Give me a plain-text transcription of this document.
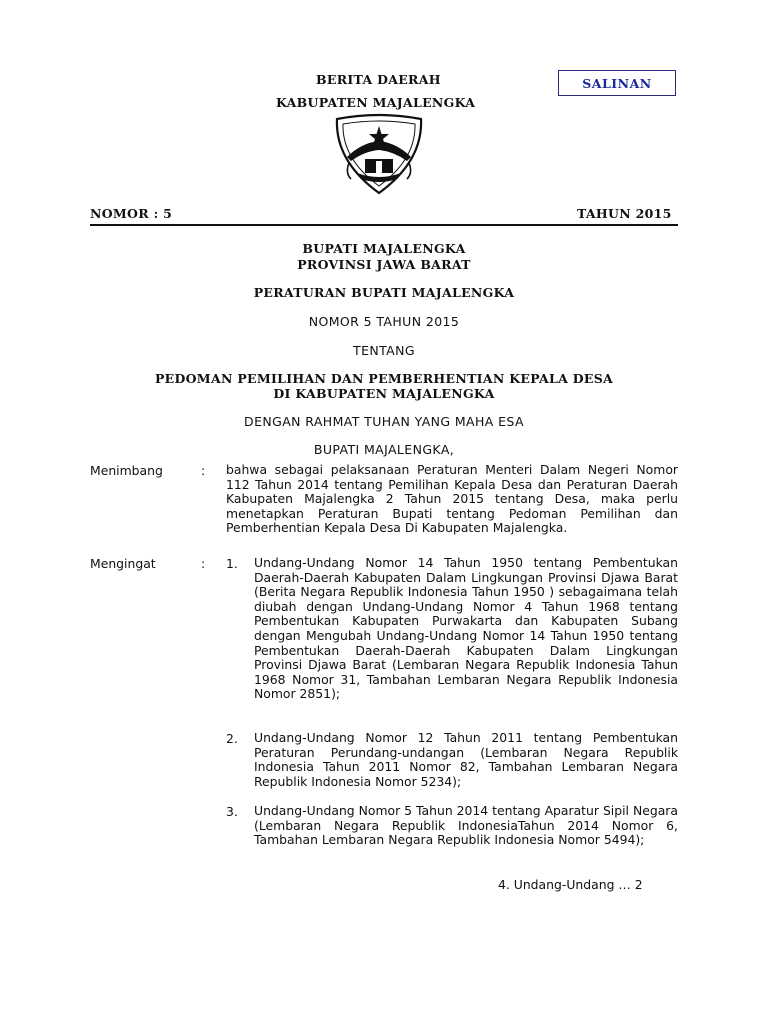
BERITA DAERAH
KABUPATEN MAJALENGKA
SALINAN
NOMOR : 5	TAHUN 2015
BUPATI MAJALENGKA
PROVINSI JAWA BARAT
PERATURAN BUPATI MAJALENGKA
NOMOR 5 TAHUN 2015
TENTANG
PEDOMAN PEMILIHAN DAN PEMBERHENTIAN KEPALA DESA
DI KABUPATEN MAJALENGKA
DENGAN RAHMAT TUHAN YANG MAHA ESA
BUPATI MAJALENGKA,
Menimbang	: bahwa sebagai pelaksanaan Peraturan Menteri Dalam Negeri Nomor 112 Tahun 2014 tentang Pemilihan Kepala Desa dan Peraturan Daerah Kabupaten Majalengka 2 Tahun 2015 tentang Desa, maka perlu menetapkan Peraturan Bupati tentang Pedoman Pemilihan dan Pemberhentian Kepala Desa Di Kabupaten Majalengka.
Mengingat	: 1. Undang-Undang Nomor 14 Tahun 1950 tentang Pembentukan Daerah-Daerah Kabupaten Dalam Lingkungan Provinsi Djawa Barat (Berita Negara Republik Indonesia Tahun 1950 ) sebagaimana telah diubah dengan Undang-Undang Nomor 4 Tahun 1968 tentang Pembentukan Kabupaten Purwakarta dan Kabupaten Subang dengan Mengubah Undang-Undang Nomor 14 Tahun 1950 tentang Pembentukan Daerah-Daerah Kabupaten Dalam Lingkungan Provinsi Djawa Barat (Lembaran Negara Republik Indonesia Tahun 1968 Nomor 31, Tambahan Lembaran Negara Republik Indonesia Nomor 2851);
2. Undang-Undang Nomor 12 Tahun 2011 tentang Pembentukan Peraturan Perundang-undangan (Lembaran Negara Republik Indonesia Tahun 2011 Nomor 82, Tambahan Lembaran Negara Republik Indonesia Nomor 5234);
3. Undang-Undang Nomor 5 Tahun 2014 tentang Aparatur Sipil Negara (Lembaran Negara Republik IndonesiaTahun 2014 Nomor 6, Tambahan Lembaran Negara Republik Indonesia Nomor 5494);
4. Undang-Undang … 2
